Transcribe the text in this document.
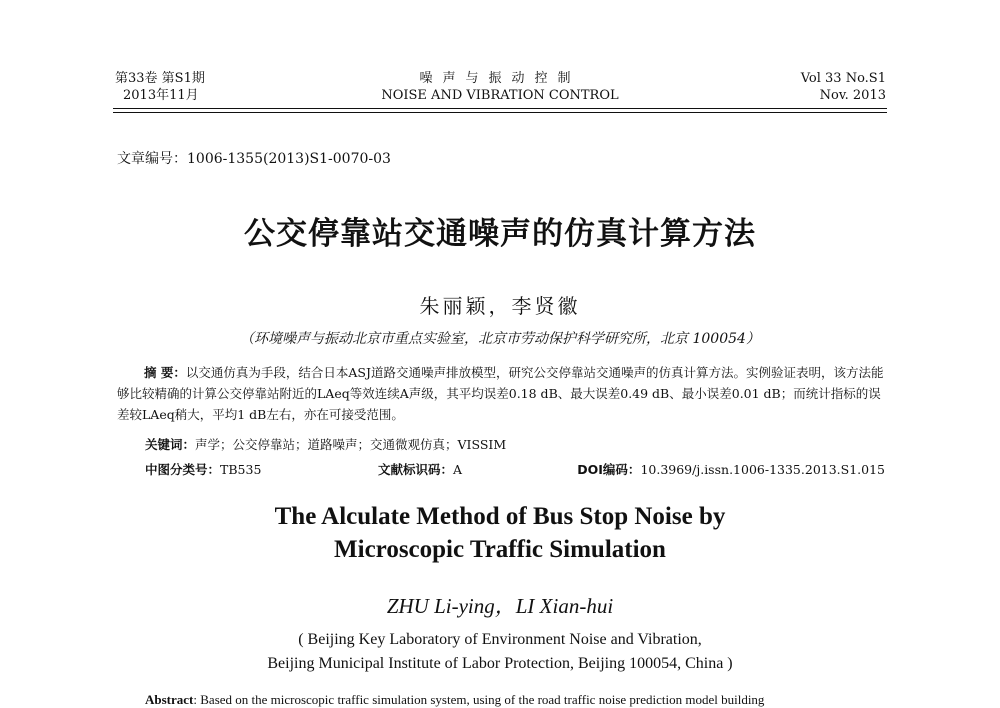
第33卷 第S1期
2013年11月
噪声与振动控制
NOISE AND VIBRATION CONTROL
Vol 33 No.S1
Nov. 2013
文章编号：1006-1355(2013)S1-0070-03
公交停靠站交通噪声的仿真计算方法
朱丽颖，李贤徽
（环境噪声与振动北京市重点实验室，北京市劳动保护科学研究所，北京 100054）
摘 要：以交通仿真为手段，结合日本ASJ道路交通噪声排放模型，研究公交停靠站交通噪声的仿真计算方法。实例验证表明，该方法能够比较精确的计算公交停靠站附近的LAeq等效连续A声级，其平均误差0.18 dB、最大误差0.49 dB、最小误差0.01 dB；而统计指标的误差较LAeq稍大，平均1 dB左右，亦在可接受范围。
关键词：声学；公交停靠站；道路噪声；交通微观仿真；VISSIM
中图分类号：TB535	文献标识码：A	DOI编码：10.3969/j.issn.1006-1335.2013.S1.015
The Alculate Method of Bus Stop Noise by
Microscopic Traffic Simulation
ZHU Li-ying，LI Xian-hui
( Beijing Key Laboratory of Environment Noise and Vibration,
Beijing Municipal Institute of Labor Protection, Beijing 100054, China )
Abstract: Based on the microscopic traffic simulation system, using of the road traffic noise prediction model building
